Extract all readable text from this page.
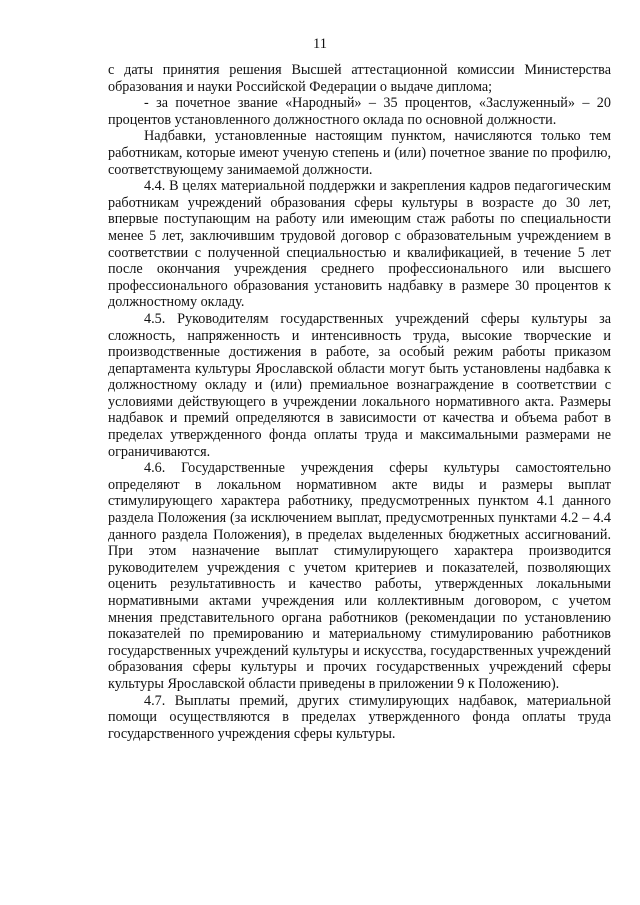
11

с даты принятия решения Высшей аттестационной комиссии Министерства образования и науки Российской Федерации о выдаче диплома;

- за почетное звание «Народный» – 35 процентов, «Заслуженный» – 20 процентов установленного должностного оклада по основной должности.

Надбавки, установленные настоящим пунктом, начисляются только тем работникам, которые имеют ученую степень и (или) почетное звание по профилю, соответствующему занимаемой должности.

4.4. В целях материальной поддержки и закрепления кадров педагогическим работникам учреждений образования сферы культуры в возрасте до 30 лет, впервые поступающим на работу или имеющим стаж работы по специальности менее 5 лет, заключившим трудовой договор с образовательным учреждением в соответствии с полученной специальностью и квалификацией, в течение 5 лет после окончания учреждения среднего профессионального или высшего профессионального образования установить надбавку в размере 30 процентов к должностному окладу.

4.5. Руководителям государственных учреждений сферы культуры за сложность, напряженность и интенсивность труда, высокие творческие и производственные достижения в работе, за особый режим работы приказом департамента культуры Ярославской области могут быть установлены надбавка к должностному окладу и (или) премиальное вознаграждение в соответствии с условиями действующего в учреждении локального нормативного акта. Размеры надбавок и премий определяются в зависимости от качества и объема работ в пределах утвержденного фонда оплаты труда и максимальными размерами не ограничиваются.

4.6. Государственные учреждения сферы культуры самостоятельно определяют в локальном нормативном акте виды и размеры выплат стимулирующего характера работнику, предусмотренных пунктом 4.1 данного раздела Положения (за исключением выплат, предусмотренных пунктами 4.2 – 4.4 данного раздела Положения), в пределах выделенных бюджетных ассигнований. При этом назначение выплат стимулирующего характера производится руководителем учреждения с учетом критериев и показателей, позволяющих оценить результативность и качество работы, утвержденных локальными нормативными актами учреждения или коллективным договором, с учетом мнения представительного органа работников (рекомендации по установлению показателей по премированию и материальному стимулированию работников государственных учреждений культуры и искусства, государственных учреждений образования сферы культуры и прочих государственных учреждений сферы культуры Ярославской области приведены в приложении 9 к Положению).

4.7. Выплаты премий, других стимулирующих надбавок, материальной помощи осуществляются в пределах утвержденного фонда оплаты труда государственного учреждения сферы культуры.
